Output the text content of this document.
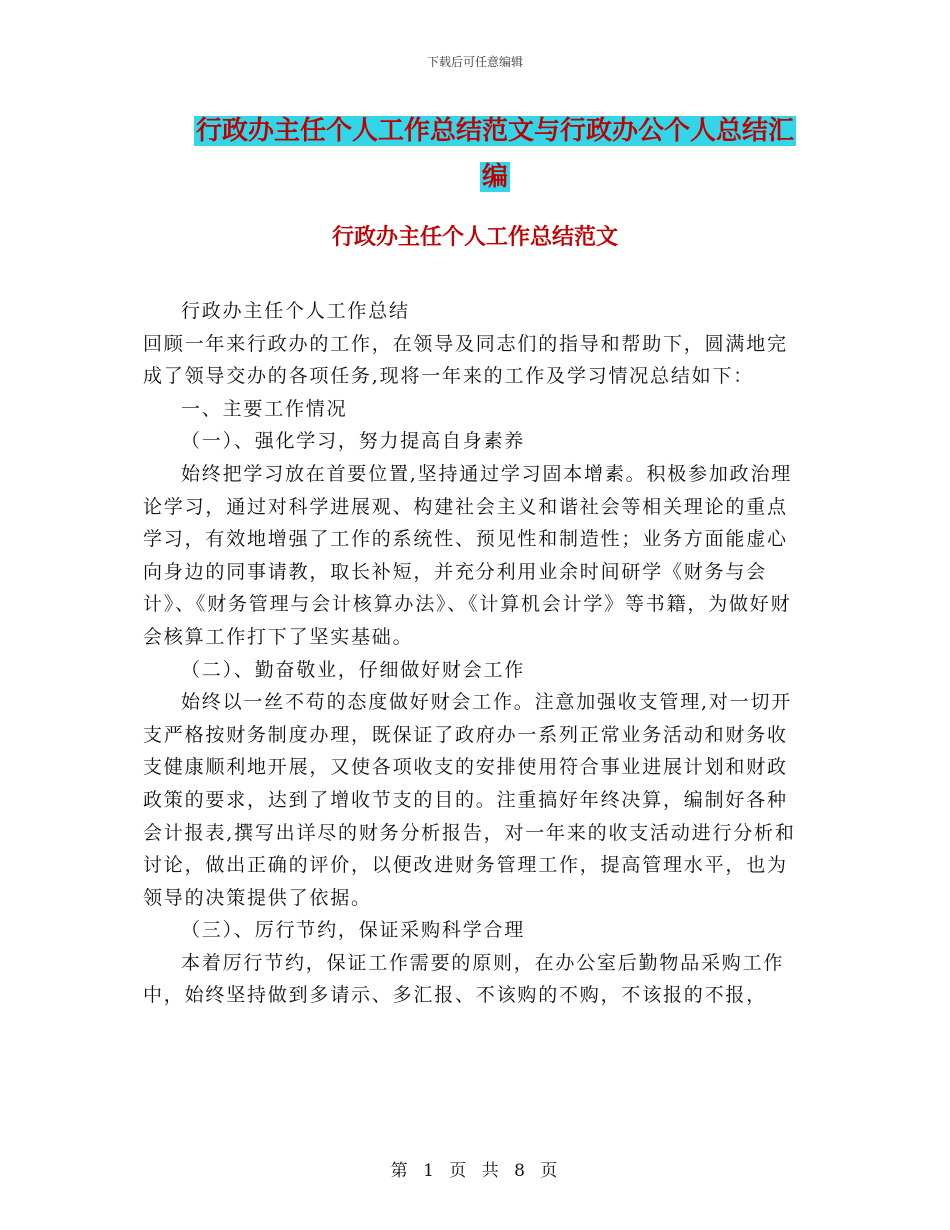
下载后可任意编辑
行政办主任个人工作总结范文与行政办公个人总结汇
编
行政办主任个人工作总结范文

行政办主任个人工作总结

回顾一年来行政办的工作，在领导及同志们的指导和帮助下，圆满地完成了领导交办的各项任务,现将一年来的工作及学习情况总结如下：

一、主要工作情况

（一）、强化学习，努力提高自身素养

始终把学习放在首要位置,坚持通过学习固本增素。积极参加政治理论学习，通过对科学进展观、构建社会主义和谐社会等相关理论的重点学习，有效地增强了工作的系统性、预见性和制造性；业务方面能虚心向身边的同事请教，取长补短，并充分利用业余时间研学《财务与会计》、《财务管理与会计核算办法》、《计算机会计学》等书籍，为做好财会核算工作打下了坚实基础。

（二）、勤奋敬业，仔细做好财会工作

始终以一丝不苟的态度做好财会工作。注意加强收支管理,对一切开支严格按财务制度办理，既保证了政府办一系列正常业务活动和财务收支健康顺利地开展，又使各项收支的安排使用符合事业进展计划和财政政策的要求，达到了增收节支的目的。注重搞好年终决算，编制好各种会计报表,撰写出详尽的财务分析报告，对一年来的收支活动进行分析和讨论，做出正确的评价，以便改进财务管理工作，提高管理水平，也为领导的决策提供了依据。

（三）、厉行节约，保证采购科学合理

本着厉行节约，保证工作需要的原则，在办公室后勤物品采购工作中，始终坚持做到多请示、多汇报、不该购的不购，不该报的不报，

第 1 页 共 8 页
